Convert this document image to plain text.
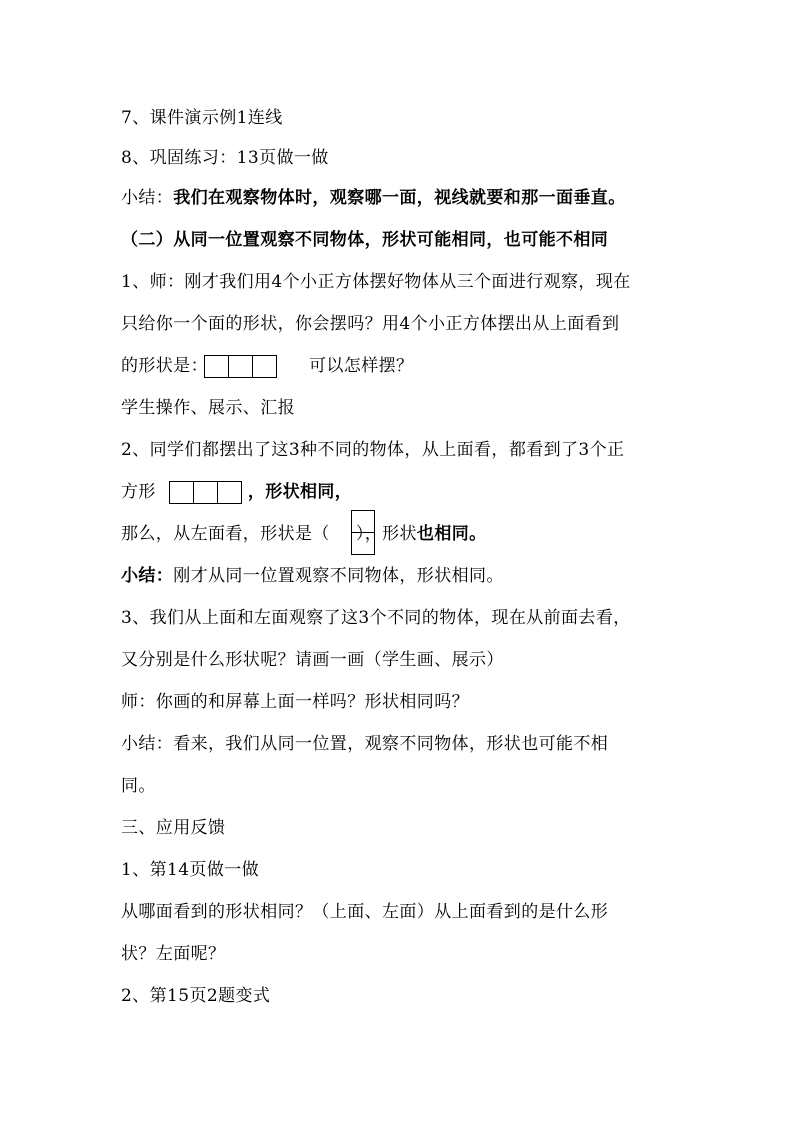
7、课件演示例1连线
8、巩固练习：13页做一做
小结：我们在观察物体时，观察哪一面，视线就要和那一面垂直。
（二）从同一位置观察不同物体，形状可能相同，也可能不相同
1、师：刚才我们用4个小正方体摆好物体从三个面进行观察，现在
只给你一个面的形状，你会摆吗？用4个小正方体摆出从上面看到
的形状是：	可以怎样摆？
学生操作、展示、汇报
2、同学们都摆出了这3种不同的物体，从上面看，都看到了3个正
方形	，形状相同，
那么，从左面看，形状是（ ），形状也相同。
小结：刚才从同一位置观察不同物体，形状相同。
3、我们从上面和左面观察了这3个不同的物体，现在从前面去看，
又分别是什么形状呢？请画一画（学生画、展示）
师：你画的和屏幕上面一样吗？形状相同吗？
小结：看来，我们从同一位置，观察不同物体，形状也可能不相
同。
三、应用反馈
1、第14页做一做
从哪面看到的形状相同？（上面、左面）从上面看到的是什么形
状？左面呢？
2、第15页2题变式
